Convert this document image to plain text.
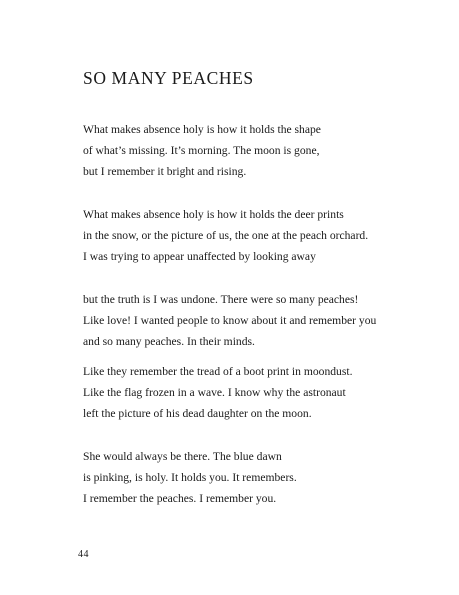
SO MANY PEACHES

What makes absence holy is how it holds the shape
of what’s missing. It’s morning. The moon is gone,
but I remember it bright and rising.

What makes absence holy is how it holds the deer prints
in the snow, or the picture of us, the one at the peach orchard.
I was trying to appear unaffected by looking away

but the truth is I was undone. There were so many peaches!
Like love! I wanted people to know about it and remember you
and so many peaches. In their minds.

Like they remember the tread of a boot print in moondust.
Like the flag frozen in a wave. I know why the astronaut
left the picture of his dead daughter on the moon.

She would always be there. The blue dawn
is pinking, is holy. It holds you. It remembers.
I remember the peaches. I remember you.

44
